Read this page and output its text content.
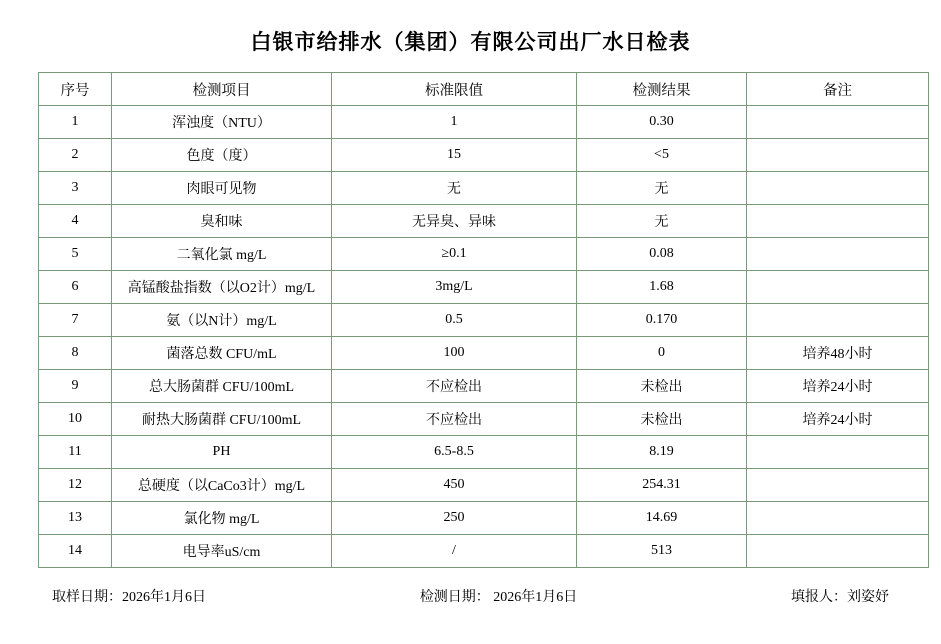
白银市给排水（集团）有限公司出厂水日检表
序号	检测项目	标准限值	检测结果	备注
1	浑浊度（NTU）	1	0.30	
2	色度（度）	15	<5	
3	肉眼可见物	无	无	
4	臭和味	无异臭、异味	无	
5	二氧化氯 mg/L	≥0.1	0.08	
6	高锰酸盐指数（以O2计）mg/L	3mg/L	1.68	
7	氨（以N计）mg/L	0.5	0.170	
8	菌落总数 CFU/mL	100	0	培养48小时
9	总大肠菌群 CFU/100mL	不应检出	未检出	培养24小时
10	耐热大肠菌群 CFU/100mL	不应检出	未检出	培养24小时
11	PH	6.5-8.5	8.19	
12	总硬度（以CaCo3计）mg/L	450	254.31	
13	氯化物 mg/L	250	14.69	
14	电导率uS/cm	/	513	
取样日期：2026年1月6日	检测日期： 2026年1月6日	填报人：刘姿妤
